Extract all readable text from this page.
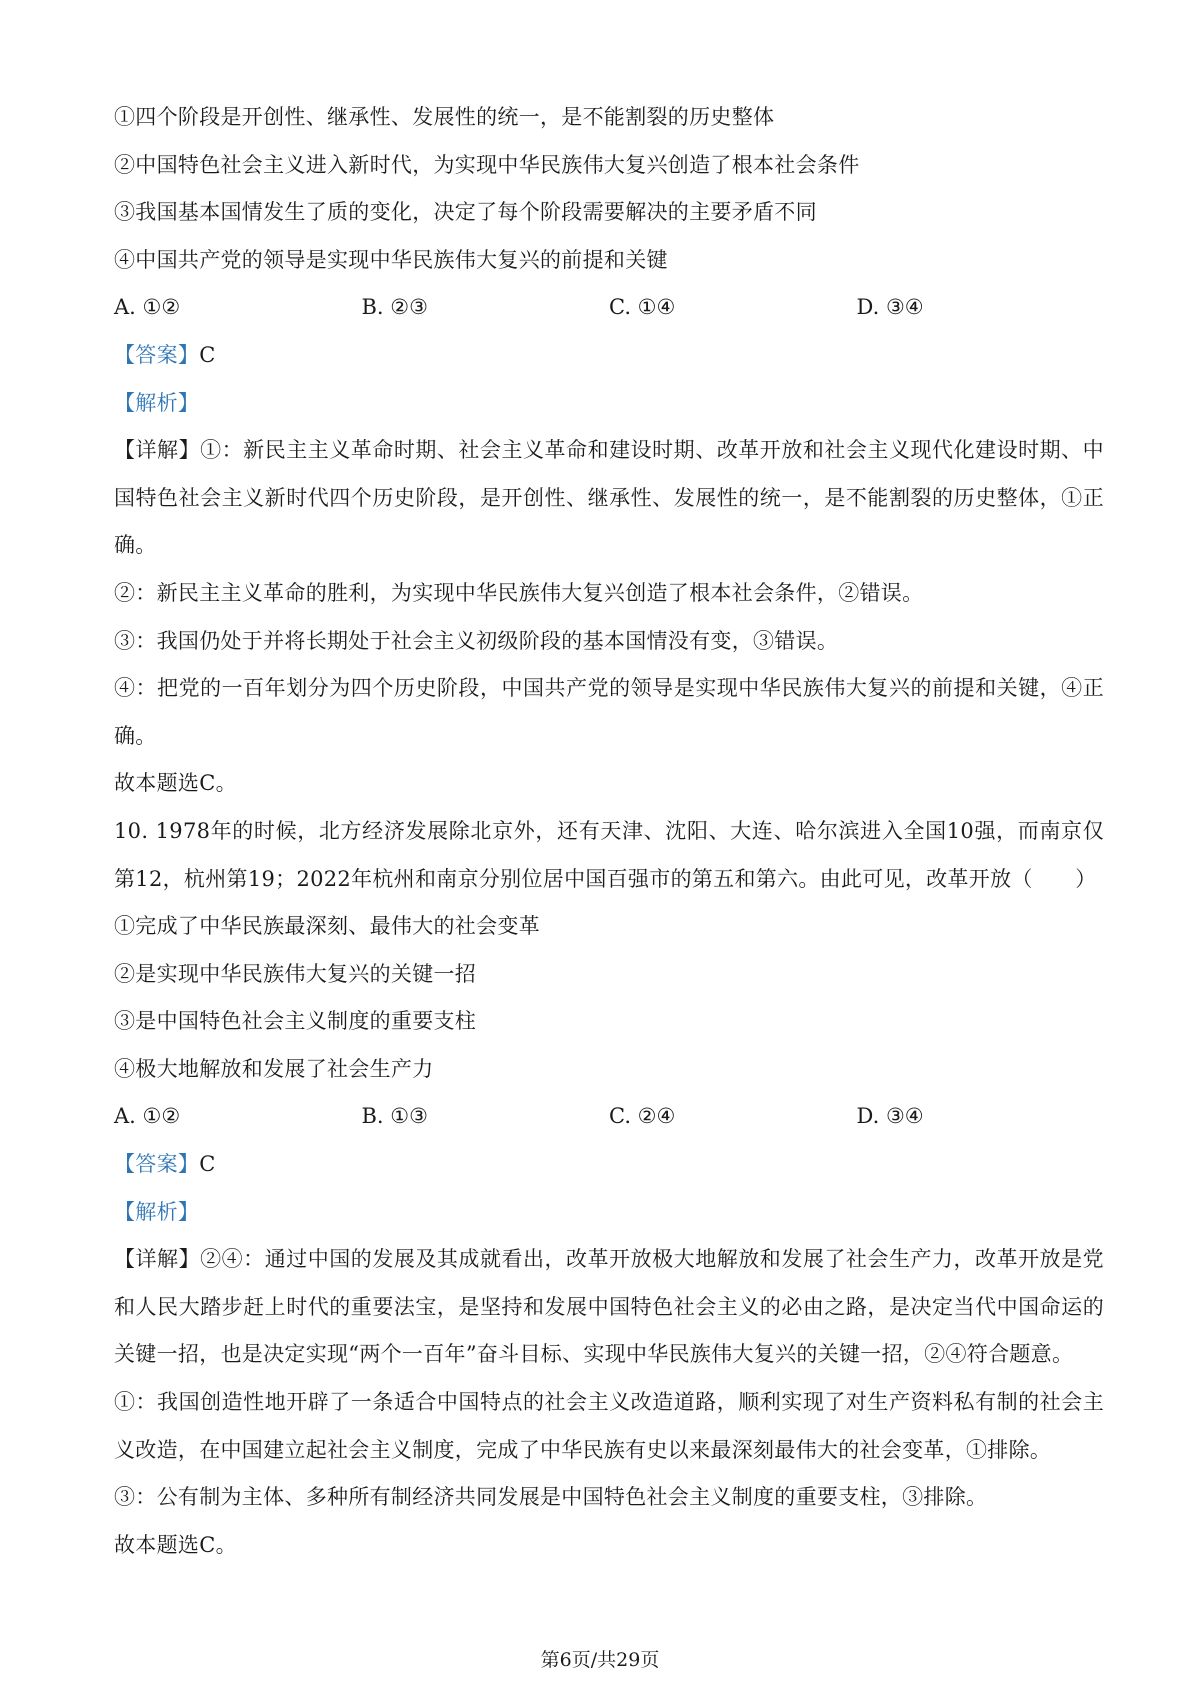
①四个阶段是开创性、继承性、发展性的统一，是不能割裂的历史整体
②中国特色社会主义进入新时代，为实现中华民族伟大复兴创造了根本社会条件
③我国基本国情发生了质的变化，决定了每个阶段需要解决的主要矛盾不同
④中国共产党的领导是实现中华民族伟大复兴的前提和关键
A. ①②	B. ②③	C. ①④	D. ③④
【答案】C
【解析】
【详解】①：新民主主义革命时期、社会主义革命和建设时期、改革开放和社会主义现代化建设时期、中国特色社会主义新时代四个历史阶段，是开创性、继承性、发展性的统一，是不能割裂的历史整体，①正确。
②：新民主主义革命的胜利，为实现中华民族伟大复兴创造了根本社会条件，②错误。
③：我国仍处于并将长期处于社会主义初级阶段的基本国情没有变，③错误。
④：把党的一百年划分为四个历史阶段，中国共产党的领导是实现中华民族伟大复兴的前提和关键，④正确。
故本题选C。
10. 1978年的时候，北方经济发展除北京外，还有天津、沈阳、大连、哈尔滨进入全国10强，而南京仅第12，杭州第19；2022年杭州和南京分别位居中国百强市的第五和第六。由此可见，改革开放（　　）
①完成了中华民族最深刻、最伟大的社会变革
②是实现中华民族伟大复兴的关键一招
③是中国特色社会主义制度的重要支柱
④极大地解放和发展了社会生产力
A. ①②	B. ①③	C. ②④	D. ③④
【答案】C
【解析】
【详解】②④：通过中国的发展及其成就看出，改革开放极大地解放和发展了社会生产力，改革开放是党和人民大踏步赶上时代的重要法宝，是坚持和发展中国特色社会主义的必由之路，是决定当代中国命运的关键一招，也是决定实现“两个一百年”奋斗目标、实现中华民族伟大复兴的关键一招，②④符合题意。
①：我国创造性地开辟了一条适合中国特点的社会主义改造道路，顺利实现了对生产资料私有制的社会主义改造，在中国建立起社会主义制度，完成了中华民族有史以来最深刻最伟大的社会变革，①排除。
③：公有制为主体、多种所有制经济共同发展是中国特色社会主义制度的重要支柱，③排除。
故本题选C。
第6页/共29页
